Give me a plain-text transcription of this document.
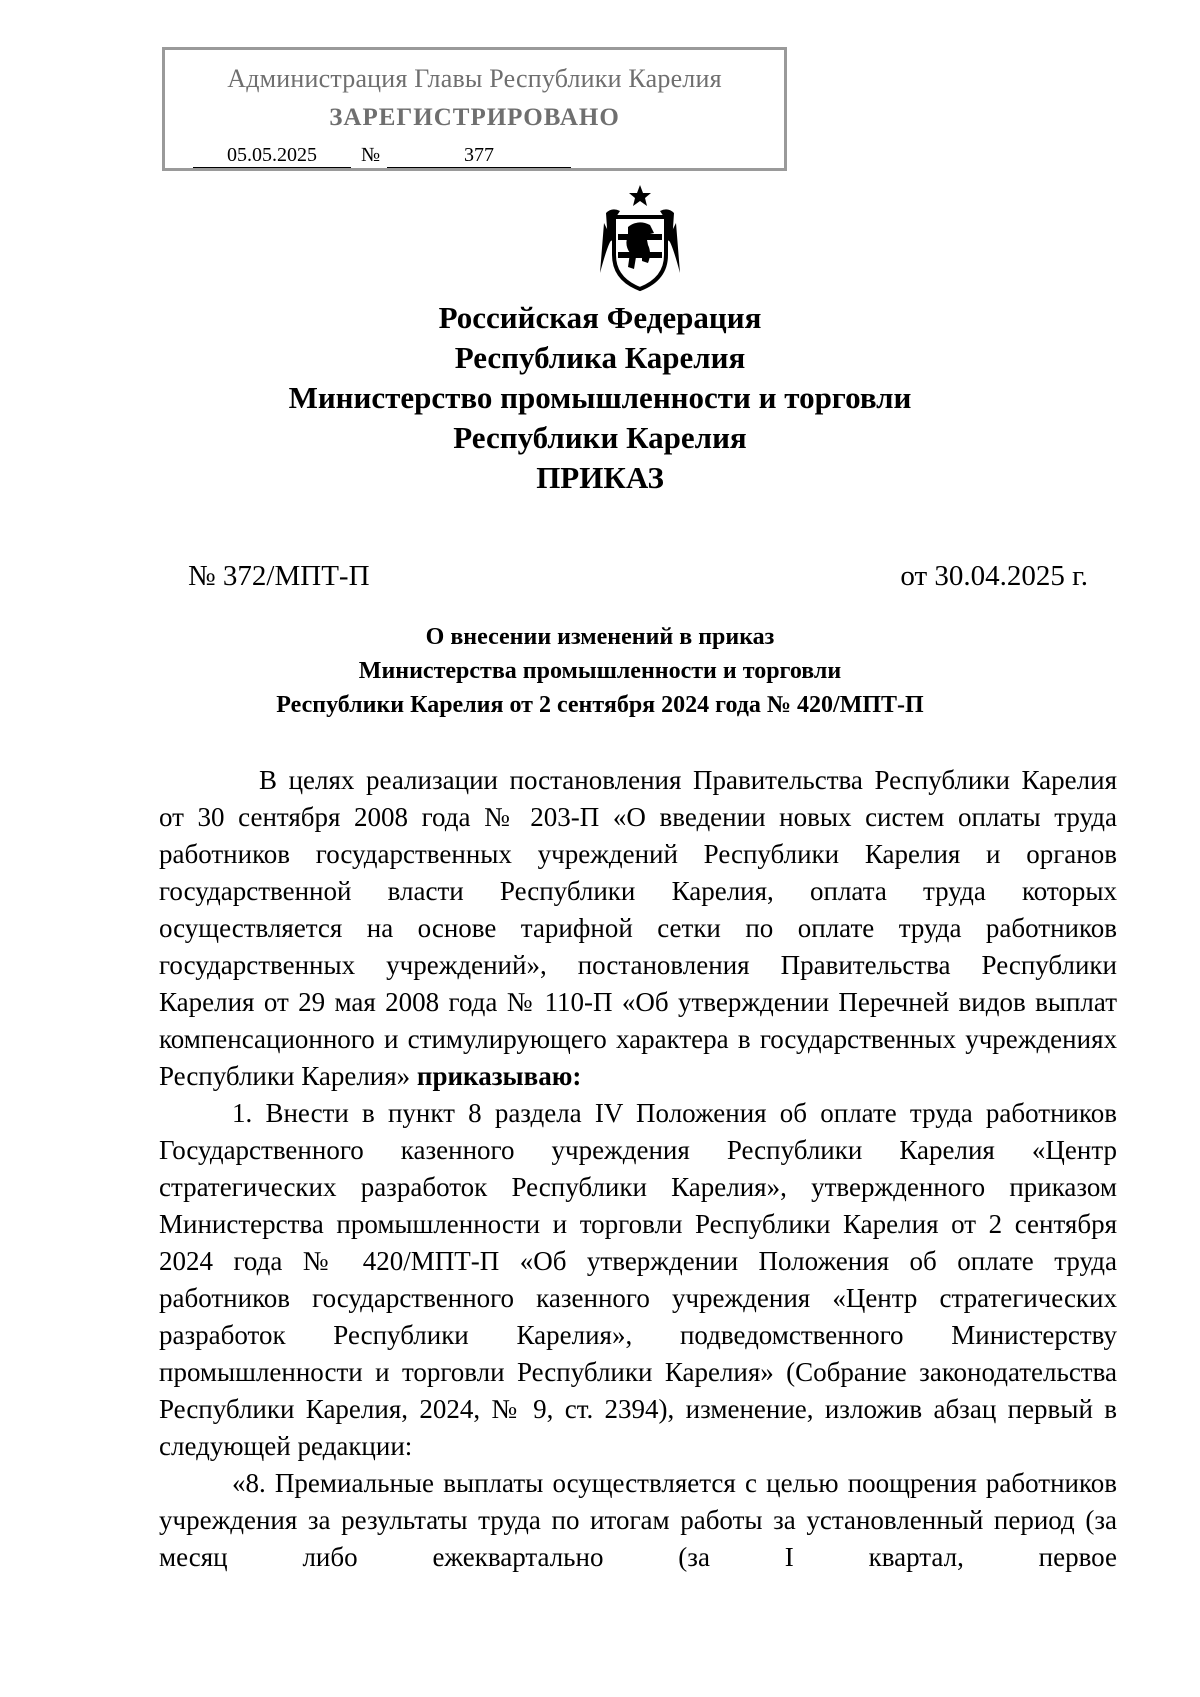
Администрация Главы Республики Карелия
ЗАРЕГИСТРИРОВАНО
05.05.2025	№	377
Российская Федерация
Республика Карелия
Министерство промышленности и торговли
Республики Карелия
ПРИКАЗ
№ 372/МПТ-П	от 30.04.2025 г.
О внесении изменений в приказ
Министерства промышленности и торговли
Республики Карелия от 2 сентября 2024 года № 420/МПТ-П

В целях реализации постановления Правительства Республики Карелия от 30 сентября 2008 года № 203-П «О введении новых систем оплаты труда работников государственных учреждений Республики Карелия и органов государственной власти Республики Карелия, оплата труда которых осуществляется на основе тарифной сетки по оплате труда работников государственных учреждений», постановления Правительства Республики Карелия от 29 мая 2008 года № 110-П «Об утверждении Перечней видов выплат компенсационного и стимулирующего характера в государственных учреждениях Республики Карелия» приказываю:

1. Внести в пункт 8 раздела IV Положения об оплате труда работников Государственного казенного учреждения Республики Карелия «Центр стратегических разработок Республики Карелия», утвержденного приказом Министерства промышленности и торговли Республики Карелия от 2 сентября 2024 года № 420/МПТ-П «Об утверждении Положения об оплате труда работников государственного казенного учреждения «Центр стратегических разработок Республики Карелия», подведомственного Министерству промышленности и торговли Республики Карелия» (Собрание законодательства Республики Карелия, 2024, № 9, ст. 2394), изменение, изложив абзац первый в следующей редакции:

«8. Премиальные выплаты осуществляется с целью поощрения работников учреждения за результаты труда по итогам работы за установленный период (за месяц либо ежеквартально (за I квартал, первое
